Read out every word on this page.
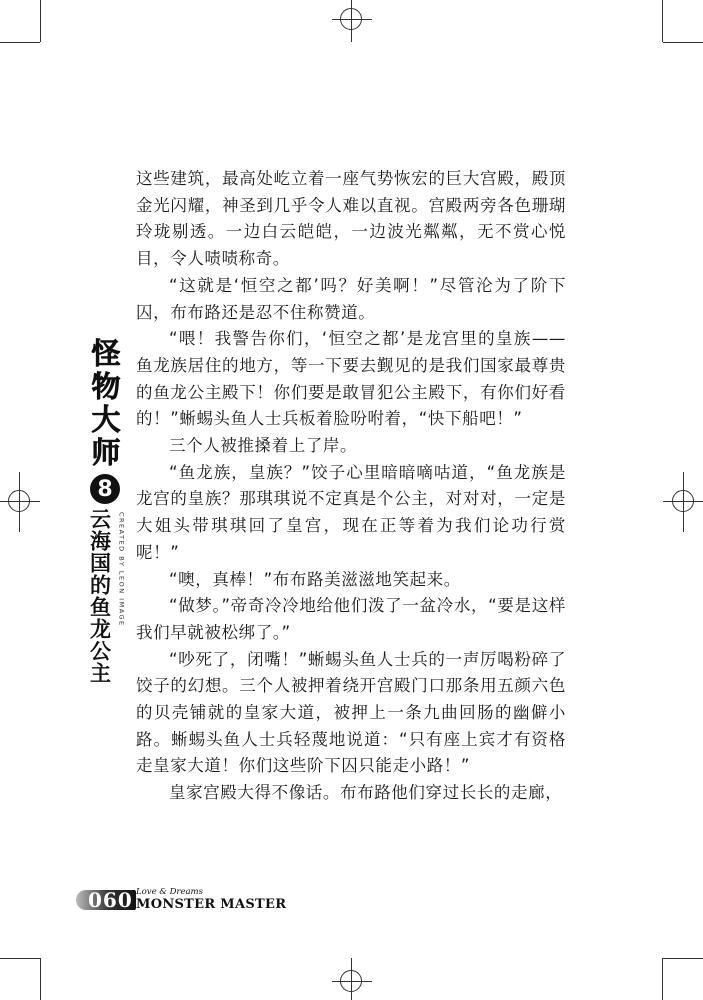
怪物大师
8
云海国的鱼龙公主 CREATED BY LEON IMAGE

这些建筑，最高处屹立着一座气势恢宏的巨大宫殿，殿顶金光闪耀，神圣到几乎令人难以直视。宫殿两旁各色珊瑚玲珑剔透。一边白云皑皑，一边波光粼粼，无不赏心悦目，令人啧啧称奇。

“这就是‘恒空之都’吗？好美啊！”尽管沦为了阶下囚，布布路还是忍不住称赞道。

“喂！我警告你们，‘恒空之都’是龙宫里的皇族——鱼龙族居住的地方，等一下要去觐见的是我们国家最尊贵的鱼龙公主殿下！你们要是敢冒犯公主殿下，有你们好看的！”蜥蜴头鱼人士兵板着脸吩咐着，“快下船吧！”

三个人被推搡着上了岸。

“鱼龙族，皇族？”饺子心里暗暗嘀咕道，“鱼龙族是龙宫的皇族？那琪琪说不定真是个公主，对对对，一定是大姐头带琪琪回了皇宫，现在正等着为我们论功行赏呢！”

“噢，真棒！”布布路美滋滋地笑起来。

“做梦。”帝奇冷冷地给他们泼了一盆冷水，“要是这样我们早就被松绑了。”

“吵死了，闭嘴！”蜥蜴头鱼人士兵的一声厉喝粉碎了饺子的幻想。三个人被押着绕开宫殿门口那条用五颜六色的贝壳铺就的皇家大道，被押上一条九曲回肠的幽僻小路。蜥蜴头鱼人士兵轻蔑地说道：“只有座上宾才有资格走皇家大道！你们这些阶下囚只能走小路！”

皇家宫殿大得不像话。布布路他们穿过长长的走廊，

060 Love & Dreams
MONSTER MASTER
